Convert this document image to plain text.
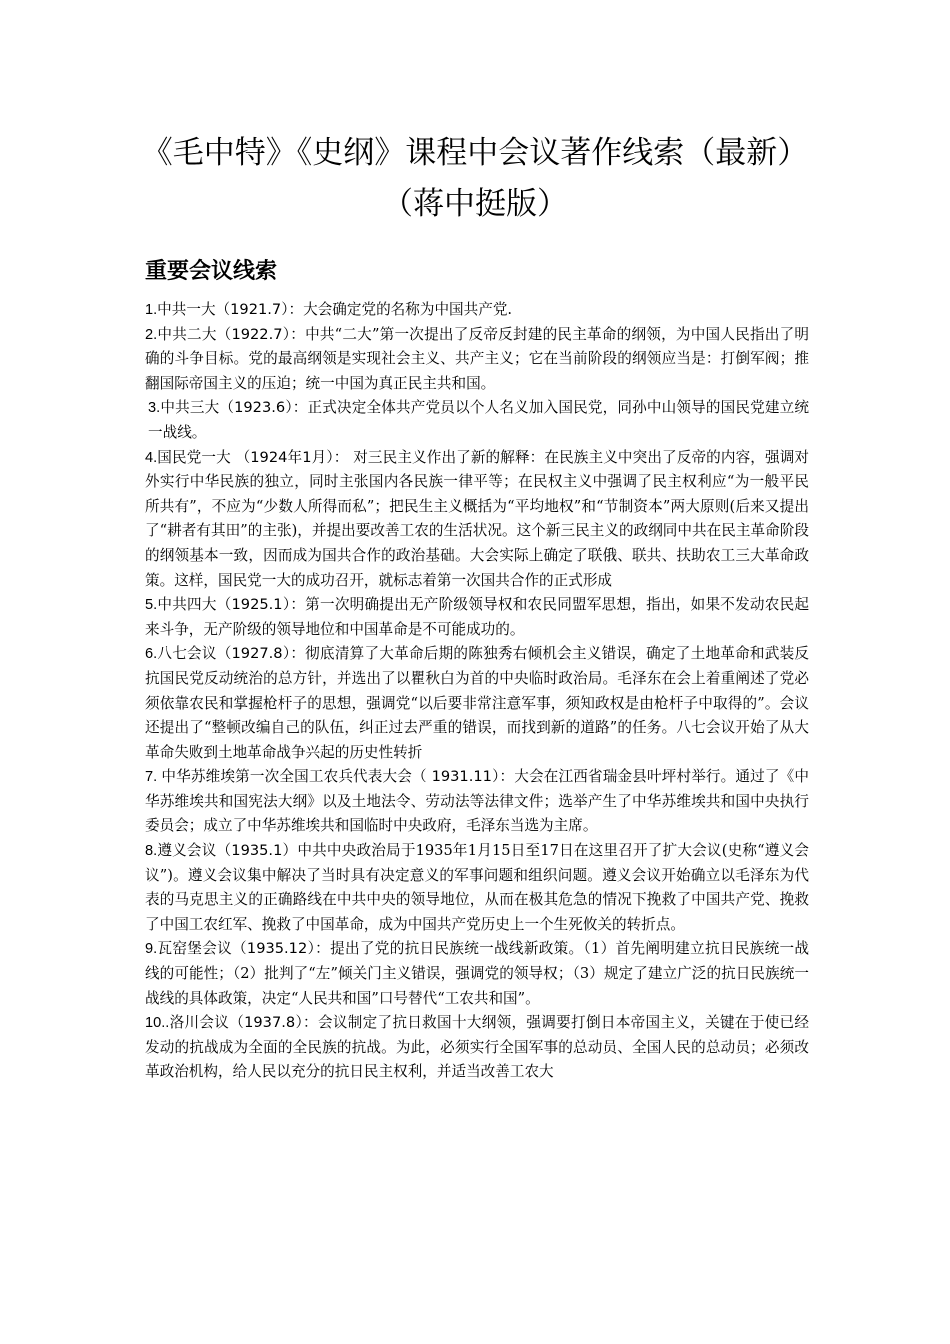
《毛中特》《史纲》课程中会议著作线索（最新）（蒋中挺版）
重要会议线索

1.中共一大（1921.7）：大会确定党的名称为中国共产党.

2.中共二大（1922.7）：中共“二大”第一次提出了反帝反封建的民主革命的纲领，为中国人民指出了明确的斗争目标。党的最高纲领是实现社会主义、共产主义；它在当前阶段的纲领应当是：打倒军阀；推翻国际帝国主义的压迫；统一中国为真正民主共和国。

3.中共三大（1923.6）：正式决定全体共产党员以个人名义加入国民党，同孙中山领导的国民党建立统一战线。

4.国民党一大 （1924年1月）： 对三民主义作出了新的解释：在民族主义中突出了反帝的内容，强调对外实行中华民族的独立，同时主张国内各民族一律平等；在民权主义中强调了民主权利应“为一般平民所共有”，不应为“少数人所得而私”；把民生主义概括为“平均地权”和“节制资本”两大原则(后来又提出了“耕者有其田”的主张)，并提出要改善工农的生活状况。这个新三民主义的政纲同中共在民主革命阶段的纲领基本一致，因而成为国共合作的政治基础。大会实际上确定了联俄、联共、扶助农工三大革命政策。这样，国民党一大的成功召开，就标志着第一次国共合作的正式形成

5.中共四大（1925.1）：第一次明确提出无产阶级领导权和农民同盟军思想，指出，如果不发动农民起来斗争，无产阶级的领导地位和中国革命是不可能成功的。

6.八七会议（1927.8）：彻底清算了大革命后期的陈独秀右倾机会主义错误，确定了土地革命和武装反抗国民党反动统治的总方针，并选出了以瞿秋白为首的中央临时政治局。毛泽东在会上着重阐述了党必须依靠农民和掌握枪杆子的思想，强调党“以后要非常注意军事，须知政权是由枪杆子中取得的”。会议还提出了“整顿改编自己的队伍，纠正过去严重的错误，而找到新的道路”的任务。八七会议开始了从大革命失败到土地革命战争兴起的历史性转折

7. 中华苏维埃第一次全国工农兵代表大会（ 1931.11）：大会在江西省瑞金县叶坪村举行。通过了《中华苏维埃共和国宪法大纲》以及土地法令、劳动法等法律文件；选举产生了中华苏维埃共和国中央执行委员会；成立了中华苏维埃共和国临时中央政府，毛泽东当选为主席。

8.遵义会议（1935.1）中共中央政治局于1935年1月15日至17日在这里召开了扩大会议(史称“遵义会议”)。遵义会议集中解决了当时具有决定意义的军事问题和组织问题。遵义会议开始确立以毛泽东为代表的马克思主义的正确路线在中共中央的领导地位，从而在极其危急的情况下挽救了中国共产党、挽救了中国工农红军、挽救了中国革命，成为中国共产党历史上一个生死攸关的转折点。

9.瓦窑堡会议（1935.12）：提出了党的抗日民族统一战线新政策。（1）首先阐明建立抗日民族统一战线的可能性；（2）批判了“左”倾关门主义错误，强调党的领导权；（3）规定了建立广泛的抗日民族统一战线的具体政策，决定“人民共和国”口号替代“工农共和国”。

10..洛川会议（1937.8）：会议制定了抗日救国十大纲领，强调要打倒日本帝国主义，关键在于使已经发动的抗战成为全面的全民族的抗战。为此，必须实行全国军事的总动员、全国人民的总动员；必须改革政治机构，给人民以充分的抗日民主权利，并适当改善工农大
